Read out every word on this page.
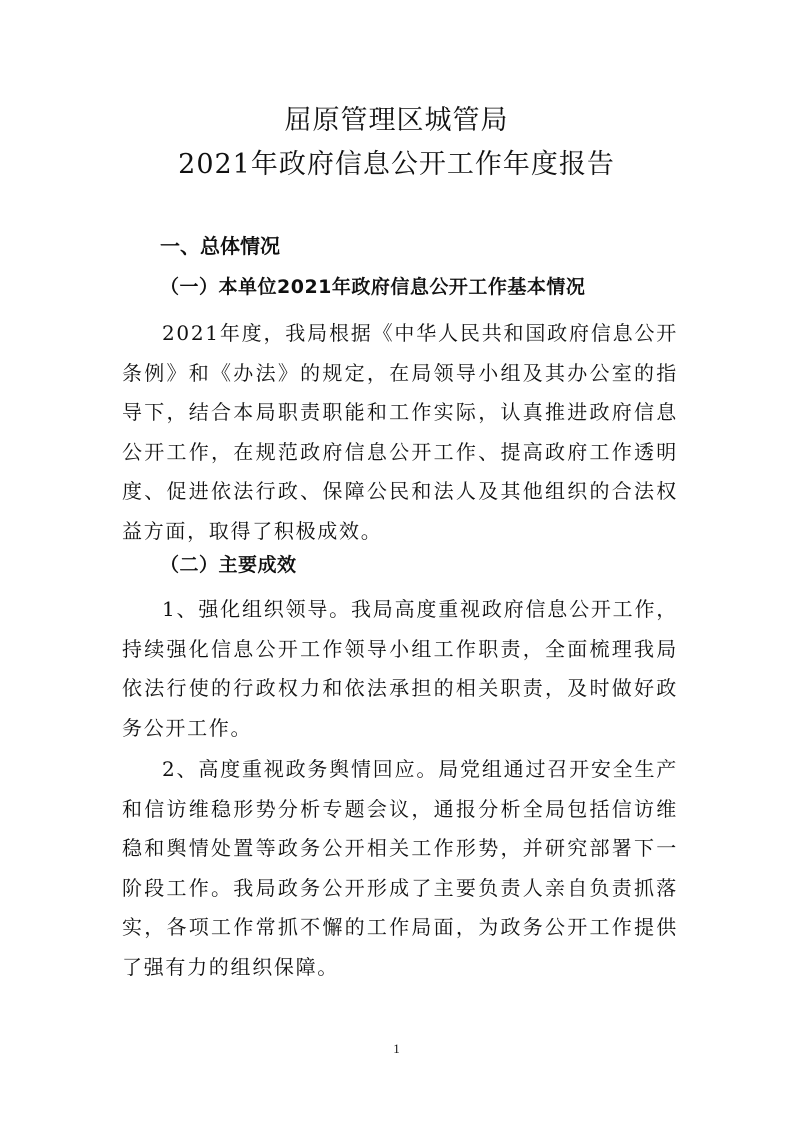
屈原管理区城管局
2021年政府信息公开工作年度报告
一、总体情况
（一）本单位2021年政府信息公开工作基本情况

2021年度，我局根据《中华人民共和国政府信息公开条例》和《办法》的规定，在局领导小组及其办公室的指导下，结合本局职责职能和工作实际，认真推进政府信息公开工作，在规范政府信息公开工作、提高政府工作透明度、促进依法行政、保障公民和法人及其他组织的合法权益方面，取得了积极成效。

（二）主要成效

1、强化组织领导。我局高度重视政府信息公开工作，持续强化信息公开工作领导小组工作职责，全面梳理我局依法行使的行政权力和依法承担的相关职责，及时做好政务公开工作。

2、高度重视政务舆情回应。局党组通过召开安全生产和信访维稳形势分析专题会议，通报分析全局包括信访维稳和舆情处置等政务公开相关工作形势，并研究部署下一阶段工作。我局政务公开形成了主要负责人亲自负责抓落实，各项工作常抓不懈的工作局面，为政务公开工作提供了强有力的组织保障。

1
